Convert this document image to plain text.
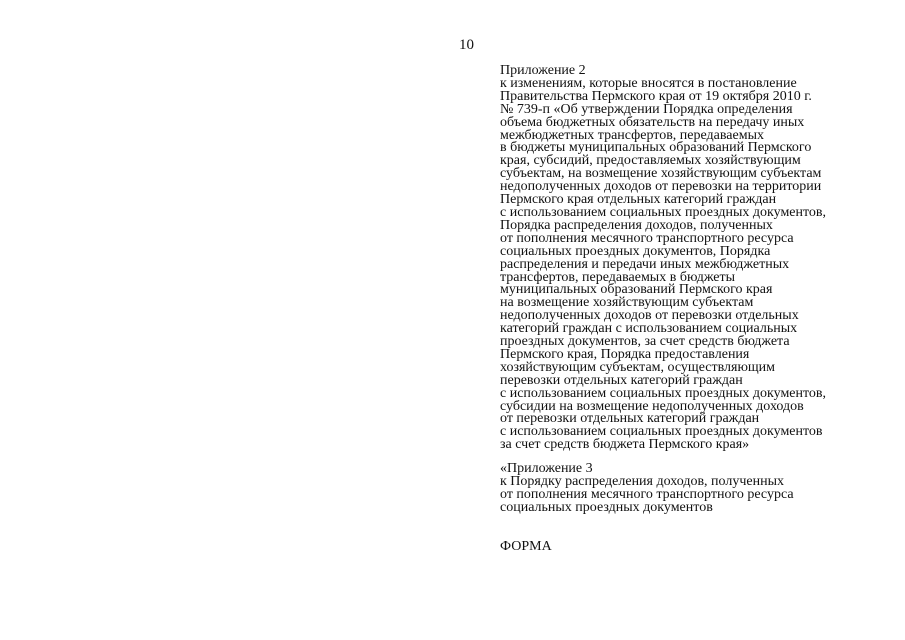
10
Приложение 2
к изменениям, которые вносятся в постановление
Правительства Пермского края от 19 октября 2010 г.
№ 739-п «Об утверждении Порядка определения
объема бюджетных обязательств на передачу иных
межбюджетных трансфертов, передаваемых
в бюджеты муниципальных образований Пермского
края, субсидий, предоставляемых хозяйствующим
субъектам, на возмещение хозяйствующим субъектам
недополученных доходов от перевозки на территории
Пермского края отдельных категорий граждан
с использованием социальных проездных документов,
Порядка распределения доходов, полученных
от пополнения месячного транспортного ресурса
социальных проездных документов, Порядка
распределения и передачи иных межбюджетных
трансфертов, передаваемых в бюджеты
муниципальных образований Пермского края
на возмещение хозяйствующим субъектам
недополученных доходов от перевозки отдельных
категорий граждан с использованием социальных
проездных документов, за счет средств бюджета
Пермского края, Порядка предоставления
хозяйствующим субъектам, осуществляющим
перевозки отдельных категорий граждан
с использованием социальных проездных документов,
субсидии на возмещение недополученных доходов
от перевозки отдельных категорий граждан
с использованием социальных проездных документов
за счет средств бюджета Пермского края»
«Приложение 3
к Порядку распределения доходов, полученных
от пополнения месячного транспортного ресурса
социальных проездных документов
ФОРМА
